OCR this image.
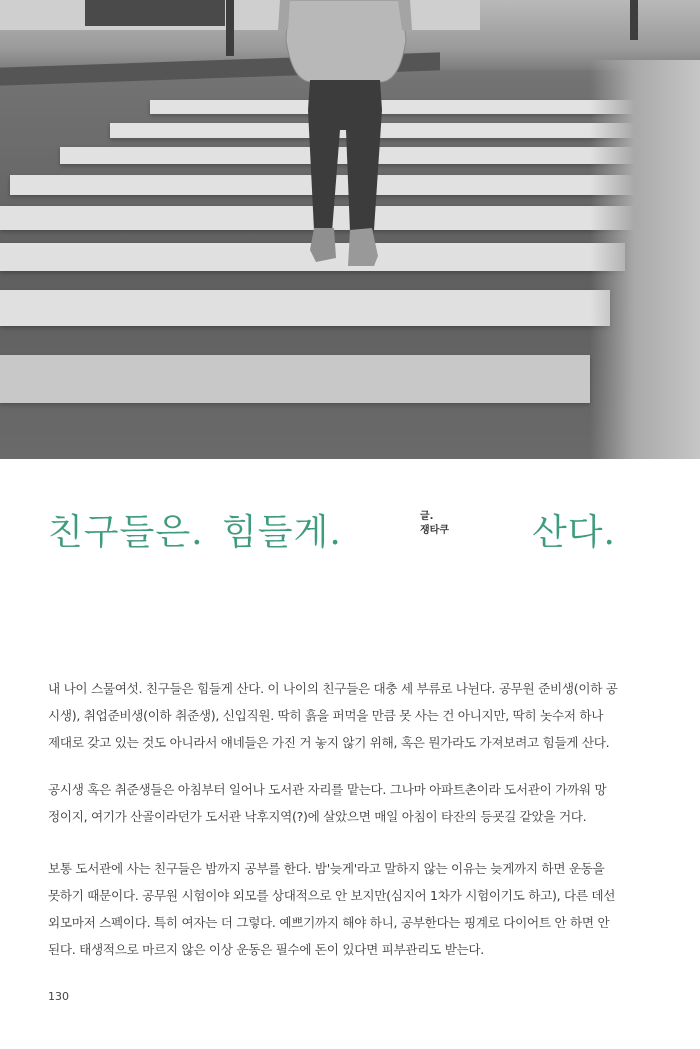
친구들은. 힘들게.	글.
쟁타쿠	산다.

내 나이 스물여섯. 친구들은 힘들게 산다. 이 나이의 친구들은 대충 세 부류로 나뉜다. 공무원 준비생(이하 공시생), 취업준비생(이하 취준생), 신입직원. 딱히 흙을 퍼먹을 만큼 못 사는 건 아니지만, 딱히 놋수저 하나 제대로 갖고 있는 것도 아니라서 얘네들은 가진 거 놓지 않기 위해, 혹은 뭔가라도 가져보려고 힘들게 산다.

공시생 혹은 취준생들은 아침부터 일어나 도서관 자리를 맡는다. 그나마 아파트촌이라 도서관이 가까워 망정이지, 여기가 산골이라던가 도서관 낙후지역(?)에 살았으면 매일 아침이 타잔의 등굣길 같았을 거다.

보통 도서관에 사는 친구들은 밤까지 공부를 한다. 밤'늦게'라고 말하지 않는 이유는 늦게까지 하면 운동을 못하기 때문이다. 공무원 시험이야 외모를 상대적으로 안 보지만(심지어 1차가 시험이기도 하고), 다른 데선 외모마저 스펙이다. 특히 여자는 더 그렇다. 예쁘기까지 해야 하니, 공부한다는 핑계로 다이어트 안 하면 안 된다. 태생적으로 마르지 않은 이상 운동은 필수에 돈이 있다면 피부관리도 받는다.

130
